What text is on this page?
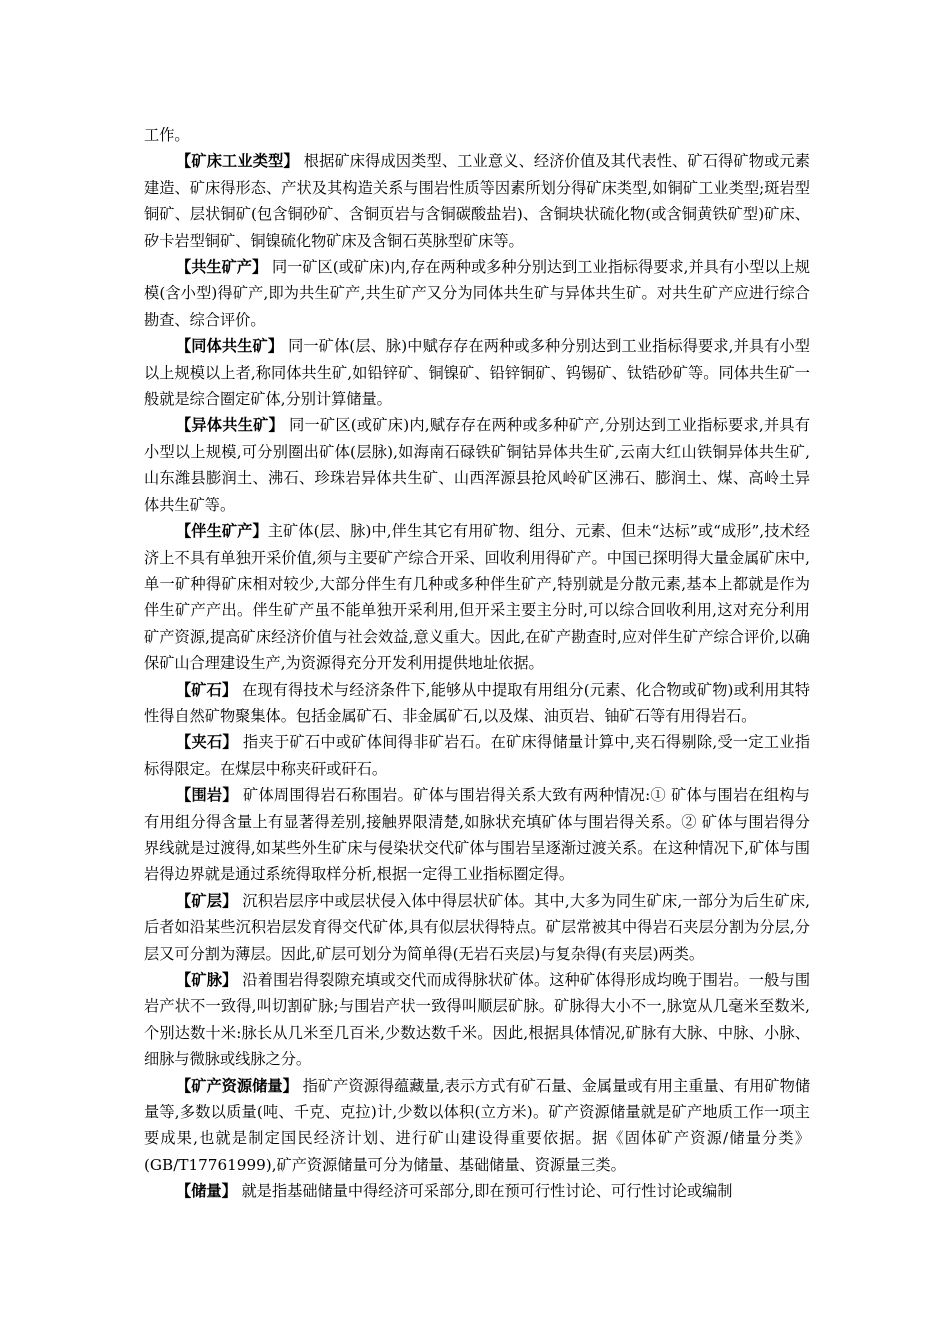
工作。

【矿床工业类型】 根据矿床得成因类型、工业意义、经济价值及其代表性、矿石得矿物或元素建造、矿床得形态、产状及其构造关系与围岩性质等因素所划分得矿床类型,如铜矿工业类型;斑岩型铜矿、层状铜矿(包含铜砂矿、含铜页岩与含铜碳酸盐岩)、含铜块状硫化物(或含铜黄铁矿型)矿床、矽卡岩型铜矿、铜镍硫化物矿床及含铜石英脉型矿床等。

【共生矿产】 同一矿区(或矿床)内,存在两种或多种分别达到工业指标得要求,并具有小型以上规模(含小型)得矿产,即为共生矿产,共生矿产又分为同体共生矿与异体共生矿。对共生矿产应进行综合勘查、综合评价。

【同体共生矿】 同一矿体(层、脉)中赋存存在两种或多种分别达到工业指标得要求,并具有小型以上规模以上者,称同体共生矿,如铅锌矿、铜镍矿、铅锌铜矿、钨锡矿、钛锆砂矿等。同体共生矿一般就是综合圈定矿体,分别计算储量。

【异体共生矿】 同一矿区(或矿床)内,赋存存在两种或多种矿产,分别达到工业指标要求,并具有小型以上规模,可分别圈出矿体(层脉),如海南石碌铁矿铜钴异体共生矿,云南大红山铁铜异体共生矿,山东潍县膨润土、沸石、珍珠岩异体共生矿、山西浑源县抢风岭矿区沸石、膨润土、煤、高岭土异体共生矿等。

【伴生矿产】主矿体(层、脉)中,伴生其它有用矿物、组分、元素、但未“达标”或“成形”,技术经济上不具有单独开采价值,须与主要矿产综合开采、回收利用得矿产。中国已探明得大量金属矿床中,单一矿种得矿床相对较少,大部分伴生有几种或多种伴生矿产,特别就是分散元素,基本上都就是作为伴生矿产产出。伴生矿产虽不能单独开采利用,但开采主要主分时,可以综合回收利用,这对充分利用矿产资源,提高矿床经济价值与社会效益,意义重大。因此,在矿产勘查时,应对伴生矿产综合评价,以确保矿山合理建设生产,为资源得充分开发利用提供地址依据。

【矿石】 在现有得技术与经济条件下,能够从中提取有用组分(元素、化合物或矿物)或利用其特性得自然矿物聚集体。包括金属矿石、非金属矿石,以及煤、油页岩、铀矿石等有用得岩石。

【夹石】 指夹于矿石中或矿体间得非矿岩石。在矿床得储量计算中,夹石得剔除,受一定工业指标得限定。在煤层中称夹矸或矸石。

【围岩】 矿体周围得岩石称围岩。矿体与围岩得关系大致有两种情况:① 矿体与围岩在组构与有用组分得含量上有显著得差别,接触界限清楚,如脉状充填矿体与围岩得关系。② 矿体与围岩得分界线就是过渡得,如某些外生矿床与侵染状交代矿体与围岩呈逐渐过渡关系。在这种情况下,矿体与围岩得边界就是通过系统得取样分析,根据一定得工业指标圈定得。

【矿层】 沉积岩层序中或层状侵入体中得层状矿体。其中,大多为同生矿床,一部分为后生矿床,后者如沿某些沉积岩层发育得交代矿体,具有似层状得特点。矿层常被其中得岩石夹层分割为分层,分层又可分割为薄层。因此,矿层可划分为简单得(无岩石夹层)与复杂得(有夹层)两类。

【矿脉】 沿着围岩得裂隙充填或交代而成得脉状矿体。这种矿体得形成均晚于围岩。一般与围岩产状不一致得,叫切割矿脉;与围岩产状一致得叫顺层矿脉。矿脉得大小不一,脉宽从几毫米至数米,个别达数十米:脉长从几米至几百米,少数达数千米。因此,根据具体情况,矿脉有大脉、中脉、小脉、细脉与微脉或线脉之分。

【矿产资源储量】 指矿产资源得蕴藏量,表示方式有矿石量、金属量或有用主重量、有用矿物储量等,多数以质量(吨、千克、克拉)计,少数以体积(立方米)。矿产资源储量就是矿产地质工作一项主要成果,也就是制定国民经济计划、进行矿山建设得重要依据。据《固体矿产资源/储量分类》(GB/T17761999),矿产资源储量可分为储量、基础储量、资源量三类。

【储量】 就是指基础储量中得经济可采部分,即在预可行性讨论、可行性讨论或编制
